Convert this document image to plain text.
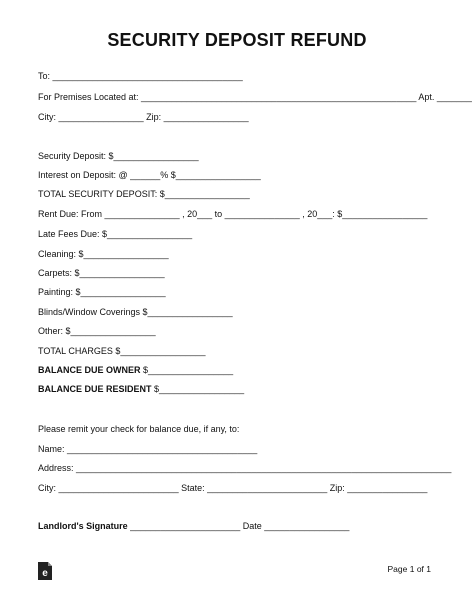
SECURITY DEPOSIT REFUND
To: ______________________________________
For Premises Located at: _______________________________________________________ Apt. _______
City: _________________ Zip: _________________
Security Deposit: $_________________
Interest on Deposit: @ ______% $_________________
TOTAL SECURITY DEPOSIT: $_________________
Rent Due: From _______________ , 20___ to _______________ , 20___: $_________________
Late Fees Due: $_________________
Cleaning: $_________________
Carpets: $_________________
Painting: $_________________
Blinds/Window Coverings $_________________
Other: $_________________
TOTAL CHARGES $_________________
BALANCE DUE OWNER $_________________
BALANCE DUE RESIDENT $_________________
Please remit your check for balance due, if any, to:
Name: ______________________________________
Address: ___________________________________________________________________________
City: ________________________ State: ________________________ Zip: ________________
Landlord's Signature ______________________ Date _________________
e	Page 1 of 1
